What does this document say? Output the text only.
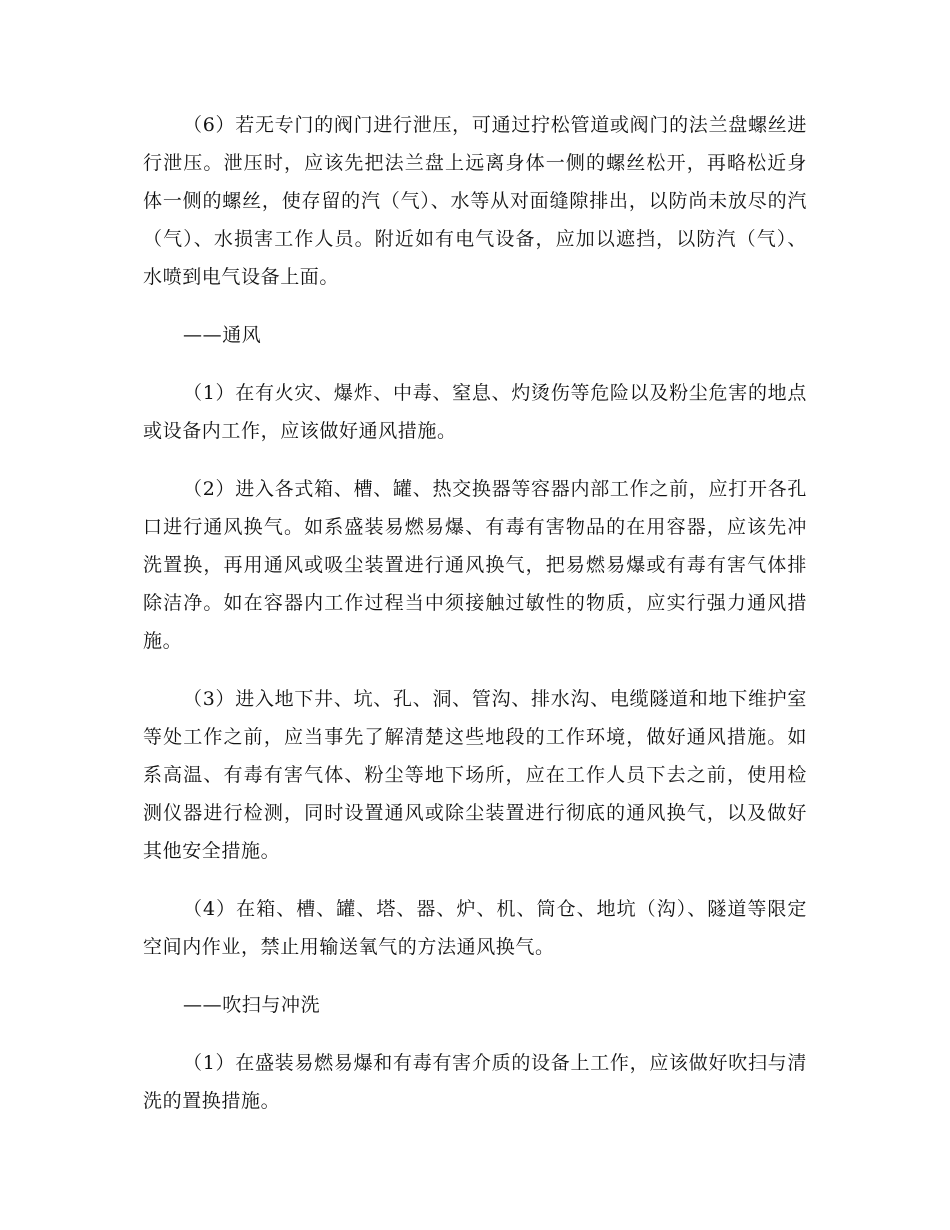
（6）若无专门的阀门进行泄压，可通过拧松管道或阀门的法兰盘螺丝进行泄压。泄压时，应该先把法兰盘上远离身体一侧的螺丝松开，再略松近身体一侧的螺丝，使存留的汽（气）、水等从对面缝隙排出，以防尚未放尽的汽（气）、水损害工作人员。附近如有电气设备，应加以遮挡，以防汽（气）、水喷到电气设备上面。

——通风

（1）在有火灾、爆炸、中毒、窒息、灼烫伤等危险以及粉尘危害的地点或设备内工作，应该做好通风措施。

（2）进入各式箱、槽、罐、热交换器等容器内部工作之前，应打开各孔口进行通风换气。如系盛装易燃易爆、有毒有害物品的在用容器，应该先冲洗置换，再用通风或吸尘装置进行通风换气，把易燃易爆或有毒有害气体排除洁净。如在容器内工作过程当中须接触过敏性的物质，应实行强力通风措施。

（3）进入地下井、坑、孔、洞、管沟、排水沟、电缆隧道和地下维护室等处工作之前，应当事先了解清楚这些地段的工作环境，做好通风措施。如系高温、有毒有害气体、粉尘等地下场所，应在工作人员下去之前，使用检测仪器进行检测，同时设置通风或除尘装置进行彻底的通风换气，以及做好其他安全措施。

（4）在箱、槽、罐、塔、器、炉、机、筒仓、地坑（沟）、隧道等限定空间内作业，禁止用输送氧气的方法通风换气。

——吹扫与冲洗

（1）在盛装易燃易爆和有毒有害介质的设备上工作，应该做好吹扫与清洗的置换措施。
